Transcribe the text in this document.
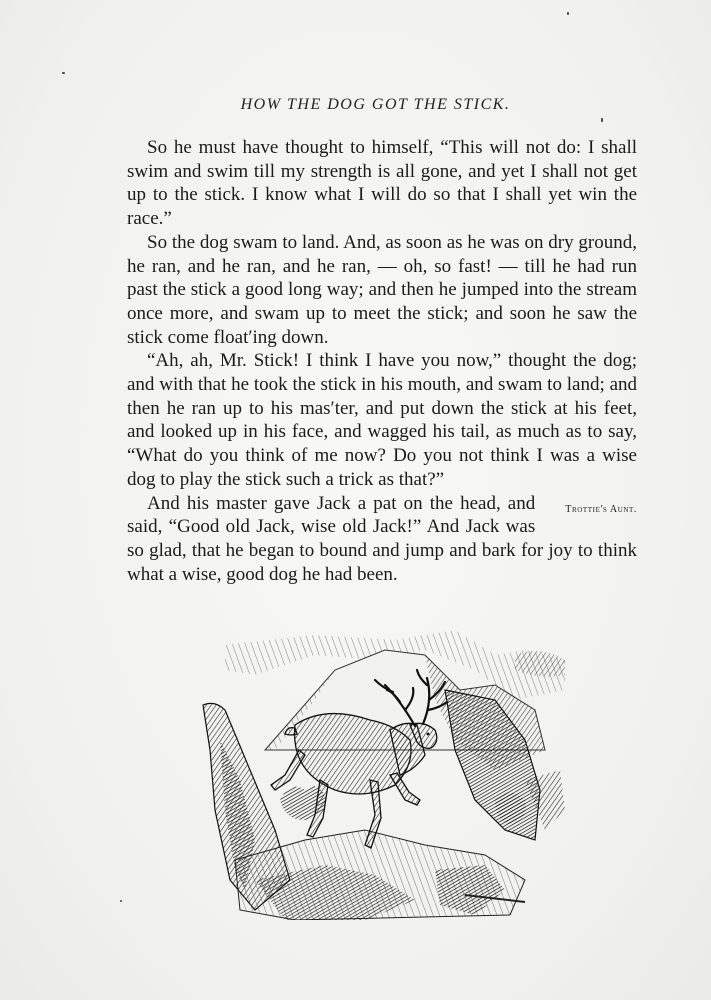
HOW THE DOG GOT THE STICK.

So he must have thought to himself, “This will not do: I shall swim and swim till my strength is all gone, and yet I shall not get up to the stick. I know what I will do so that I shall yet win the race.”

So the dog swam to land. And, as soon as he was on dry ground, he ran, and he ran, and he ran, — oh, so fast! — till he had run past the stick a good long way; and then he jumped into the stream once more, and swam up to meet the stick; and soon he saw the stick come float′ing down.

“Ah, ah, Mr. Stick! I think I have you now,” thought the dog; and with that he took the stick in his mouth, and swam to land; and then he ran up to his mas′ter, and put down the stick at his feet, and looked up in his face, and wagged his tail, as much as to say, “What do you think of me now? Do you not think I was a wise dog to play the stick such a trick as that?”

Trottie's Aunt.
And his master gave Jack a pat on the head, and said, “Good old Jack, wise old Jack!” And Jack was so glad, that he began to bound and jump and bark for joy to think what a wise, good dog he had been.
